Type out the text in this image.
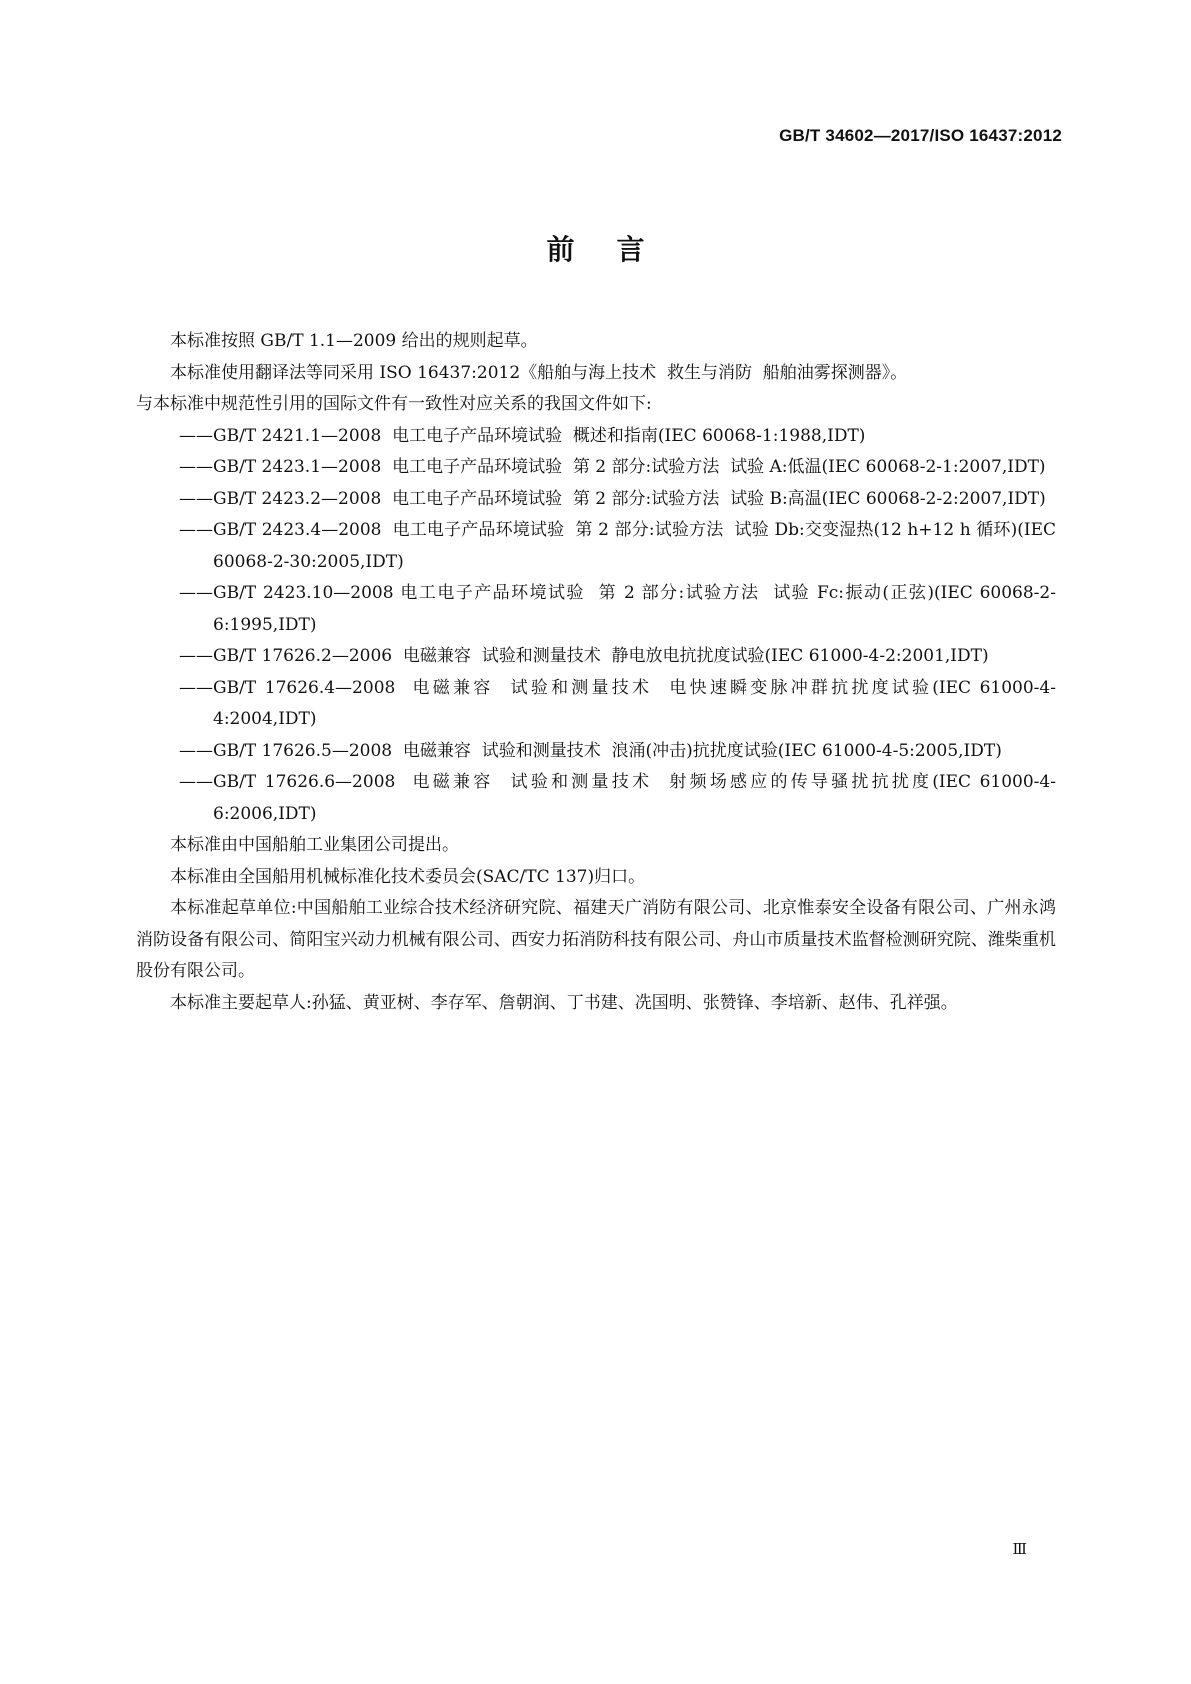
GB/T 34602—2017/ISO 16437:2012
前言

本标准按照 GB/T 1.1—2009 给出的规则起草。

本标准使用翻译法等同采用 ISO 16437:2012《船舶与海上技术  救生与消防  船舶油雾探测器》。

与本标准中规范性引用的国际文件有一致性对应关系的我国文件如下:

——GB/T 2421.1—2008  电工电子产品环境试验  概述和指南(IEC 60068-1:1988,IDT)

——GB/T 2423.1—2008  电工电子产品环境试验  第 2 部分:试验方法  试验 A:低温(IEC 60068-2-1:2007,IDT)

——GB/T 2423.2—2008  电工电子产品环境试验  第 2 部分:试验方法  试验 B:高温(IEC 60068-2-2:2007,IDT)

——GB/T 2423.4—2008  电工电子产品环境试验  第 2 部分:试验方法  试验 Db:交变湿热(12 h+12 h 循环)(IEC 60068-2-30:2005,IDT)

——GB/T 2423.10—2008 电工电子产品环境试验  第 2 部分:试验方法  试验 Fc:振动(正弦)(IEC 60068-2-6:1995,IDT)

——GB/T 17626.2—2006  电磁兼容  试验和测量技术  静电放电抗扰度试验(IEC 61000-4-2:2001,IDT)

——GB/T 17626.4—2008  电磁兼容  试验和测量技术  电快速瞬变脉冲群抗扰度试验(IEC 61000-4-4:2004,IDT)

——GB/T 17626.5—2008  电磁兼容  试验和测量技术  浪涌(冲击)抗扰度试验(IEC 61000-4-5:2005,IDT)

——GB/T 17626.6—2008  电磁兼容  试验和测量技术  射频场感应的传导骚扰抗扰度(IEC 61000-4-6:2006,IDT)

本标准由中国船舶工业集团公司提出。

本标准由全国船用机械标准化技术委员会(SAC/TC 137)归口。

本标准起草单位:中国船舶工业综合技术经济研究院、福建天广消防有限公司、北京惟泰安全设备有限公司、广州永鸿消防设备有限公司、简阳宝兴动力机械有限公司、西安力拓消防科技有限公司、舟山市质量技术监督检测研究院、潍柴重机股份有限公司。

本标准主要起草人:孙猛、黄亚树、李存军、詹朝润、丁书建、冼国明、张赞锋、李培新、赵伟、孔祥强。

Ⅲ
